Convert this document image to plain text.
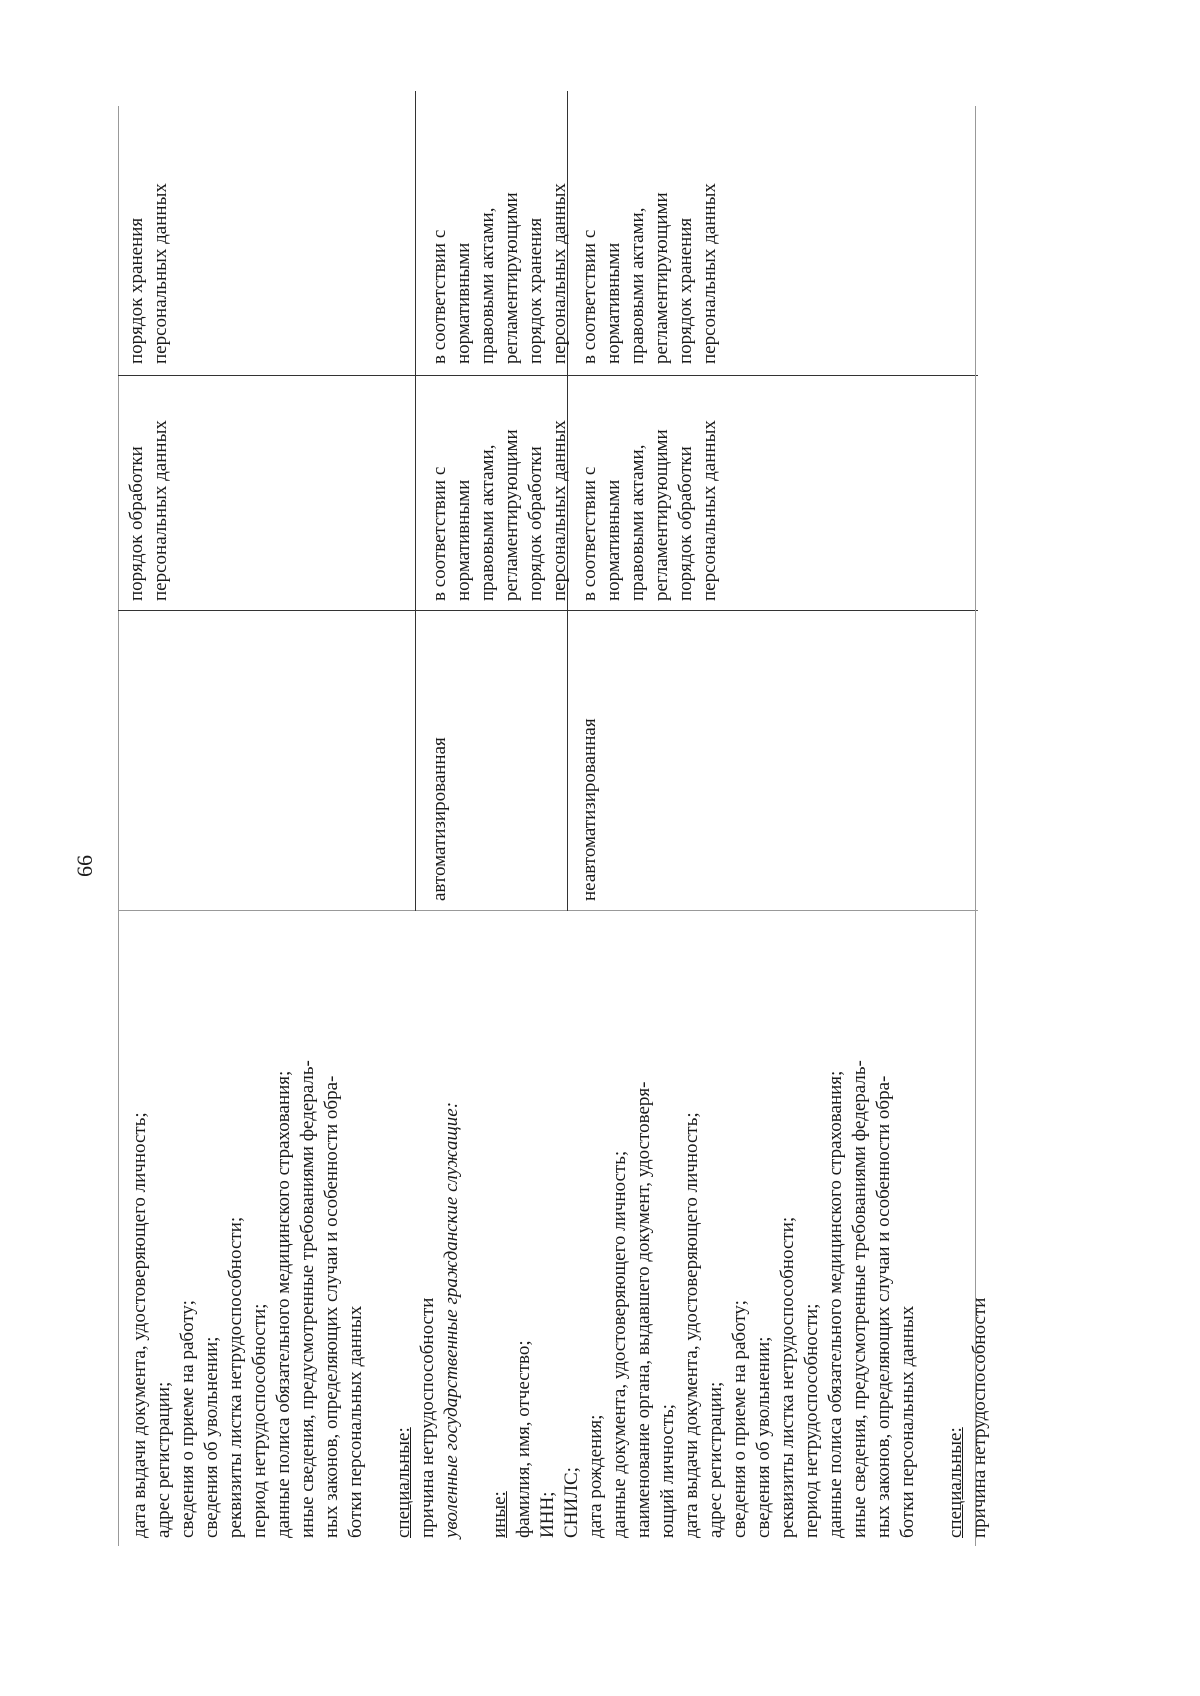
66
порядок обработки персональных данных
порядок хранения персональных данных
дата выдачи документа, удостоверяющего личность; адрес регистрации; сведения о приеме на работу; сведения об увольнении; реквизиты листка нетрудоспособности; период нетрудоспособности; данные полиса обязательного медицинского страхования; иные сведения, предусмотренные требованиями федераль- ных законов, определяющих случаи и особенности обра- ботки персональных данных специальные: причина нетрудоспособности уволенные государственные гражданские служащие: иные: фамилия, имя, отчество; ИНН; СНИЛС; дата рождения; данные документа, удостоверяющего личность; наименование органа, выдавшего документ, удостоверя- ющий личность; дата выдачи документа, удостоверяющего личность; адрес регистрации; сведения о приеме на работу; сведения об увольнении; реквизиты листка нетрудоспособности; период нетрудоспособности; данные полиса обязательного медицинского страхования; иные сведения, предусмотренные требованиями федераль- ных законов, определяющих случаи и особенности обра- ботки персональных данных специальные: причина нетрудоспособности
автоматизированная
в соответствии с нормативными правовыми актами, регламентирующими порядок обработки персональных данных
в соответствии с нормативными правовыми актами, регламентирующими порядок хранения персональных данных
неавтоматизированная
в соответствии с нормативными правовыми актами, регламентирующими порядок обработки персональных данных
в соответствии с нормативными правовыми актами, регламентирующими порядок хранения персональных данных
